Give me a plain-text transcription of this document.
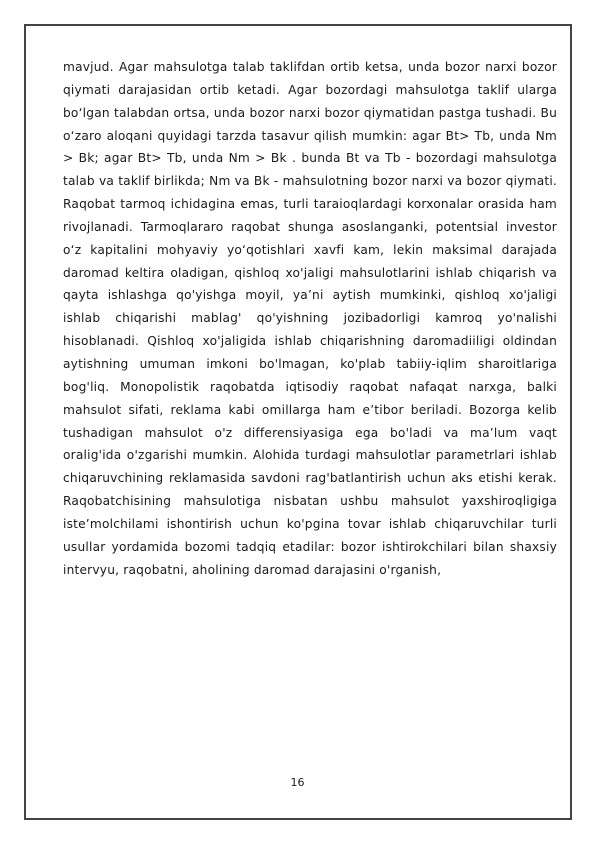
mavjud. Agar mahsulotga talab taklifdan ortib ketsa, unda bozor narxi bozor qiymati darajasidan ortib ketadi. Agar bozordagi mahsulotga taklif ularga bo‘lgan talabdan ortsa, unda bozor narxi bozor qiymatidan pastga tushadi. Bu o‘zaro aloqani quyidagi tarzda tasavur qilish mumkin: agar Bt> Tb, unda Nm > Bk; agar Bt> Tb, unda Nm > Bk . bunda Bt va Tb - bozordagi mahsulotga talab va taklif birlikda; Nm va Bk - mahsulotning bozor narxi va bozor qiymati. Raqobat tarmoq ichidagina emas, turli taraioqlardagi korxonalar orasida ham rivojlanadi. Tarmoqlararo raqobat shunga asoslanganki, potentsial investor o‘z kapitalini mohyaviy yo‘qotishlari xavfi kam, lekin maksimal darajada daromad keltira oladigan, qishloq xo'jaligi mahsulotlarini ishlab chiqarish va qayta ishlashga qo'yishga moyil, ya’ni aytish mumkinki, qishloq xo'jaligi ishlab chiqarishi mablag' qo'yishning jozibadorligi kamroq yo'nalishi hisoblanadi. Qishloq xo'jaligida ishlab chiqarishning daromadiiligi oldindan aytishning umuman imkoni bo'lmagan, ko'plab tabiiy-iqlim sharoitlariga bog'liq. Monopolistik raqobatda iqtisodiy raqobat nafaqat narxga, balki mahsulot sifati, reklama kabi omillarga ham e’tibor beriladi. Bozorga kelib tushadigan mahsulot o'z differensiyasiga ega bo'ladi va ma’lum vaqt oralig'ida o'zgarishi mumkin. Alohida turdagi mahsulotlar parametrlari ishlab chiqaruvchining reklamasida savdoni rag'batlantirish uchun aks etishi kerak. Raqobatchisining mahsulotiga nisbatan ushbu mahsulot yaxshiroqligiga iste’molchilami ishontirish uchun ko'pgina tovar ishlab chiqaruvchilar turli usullar yordamida bozomi tadqiq etadilar: bozor ishtirokchilari bilan shaxsiy intervyu, raqobatni, aholining daromad darajasini o'rganish,

16
